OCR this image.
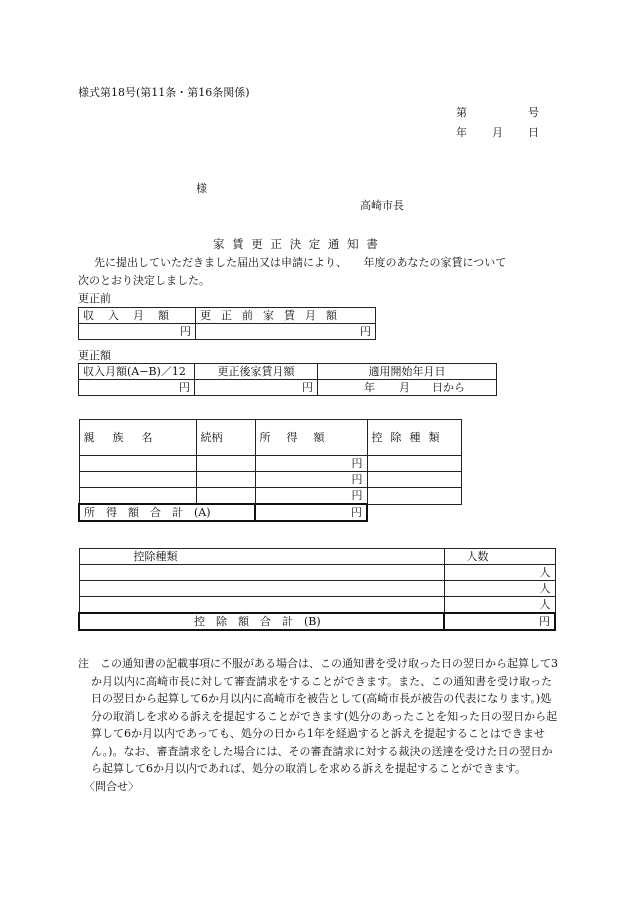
様式第18号(第11条・第16条関係)
第	号
年 月 日
様
高崎市長
家 賃 更 正 決 定 通 知 書
先に提出していただきました届出又は申請により、　　年度のあなたの家賃について
次のとおり決定しました。
更正前
収入月額	更正前家賃月額

円	円
更正額
収入月額(A−B)／12	更正後家賃月額	適用開始年月日
円	円	年 月 日から
親族名	続柄	所得額	控除種類
		円	
		円	
		円	
所得額合計(A)		円	
控除種類	人数

	人
	人
	人
控除額合計(B)	円

注　この通知書の記載事項に不服がある場合は、この通知書を受け取った日の翌日から起算して3か月以内に高崎市長に対して審査請求をすることができます。また、この通知書を受け取った日の翌日から起算して6か月以内に高崎市を被告として(高崎市長が被告の代表になります。)処分の取消しを求める訴えを提起することができます(処分のあったことを知った日の翌日から起算して6か月以内であっても、処分の日から1年を経過すると訴えを提起することはできません。)。なお、審査請求をした場合には、その審査請求に対する裁決の送達を受けた日の翌日から起算して6か月以内であれば、処分の取消しを求める訴えを提起することができます。

〈問合せ〉
